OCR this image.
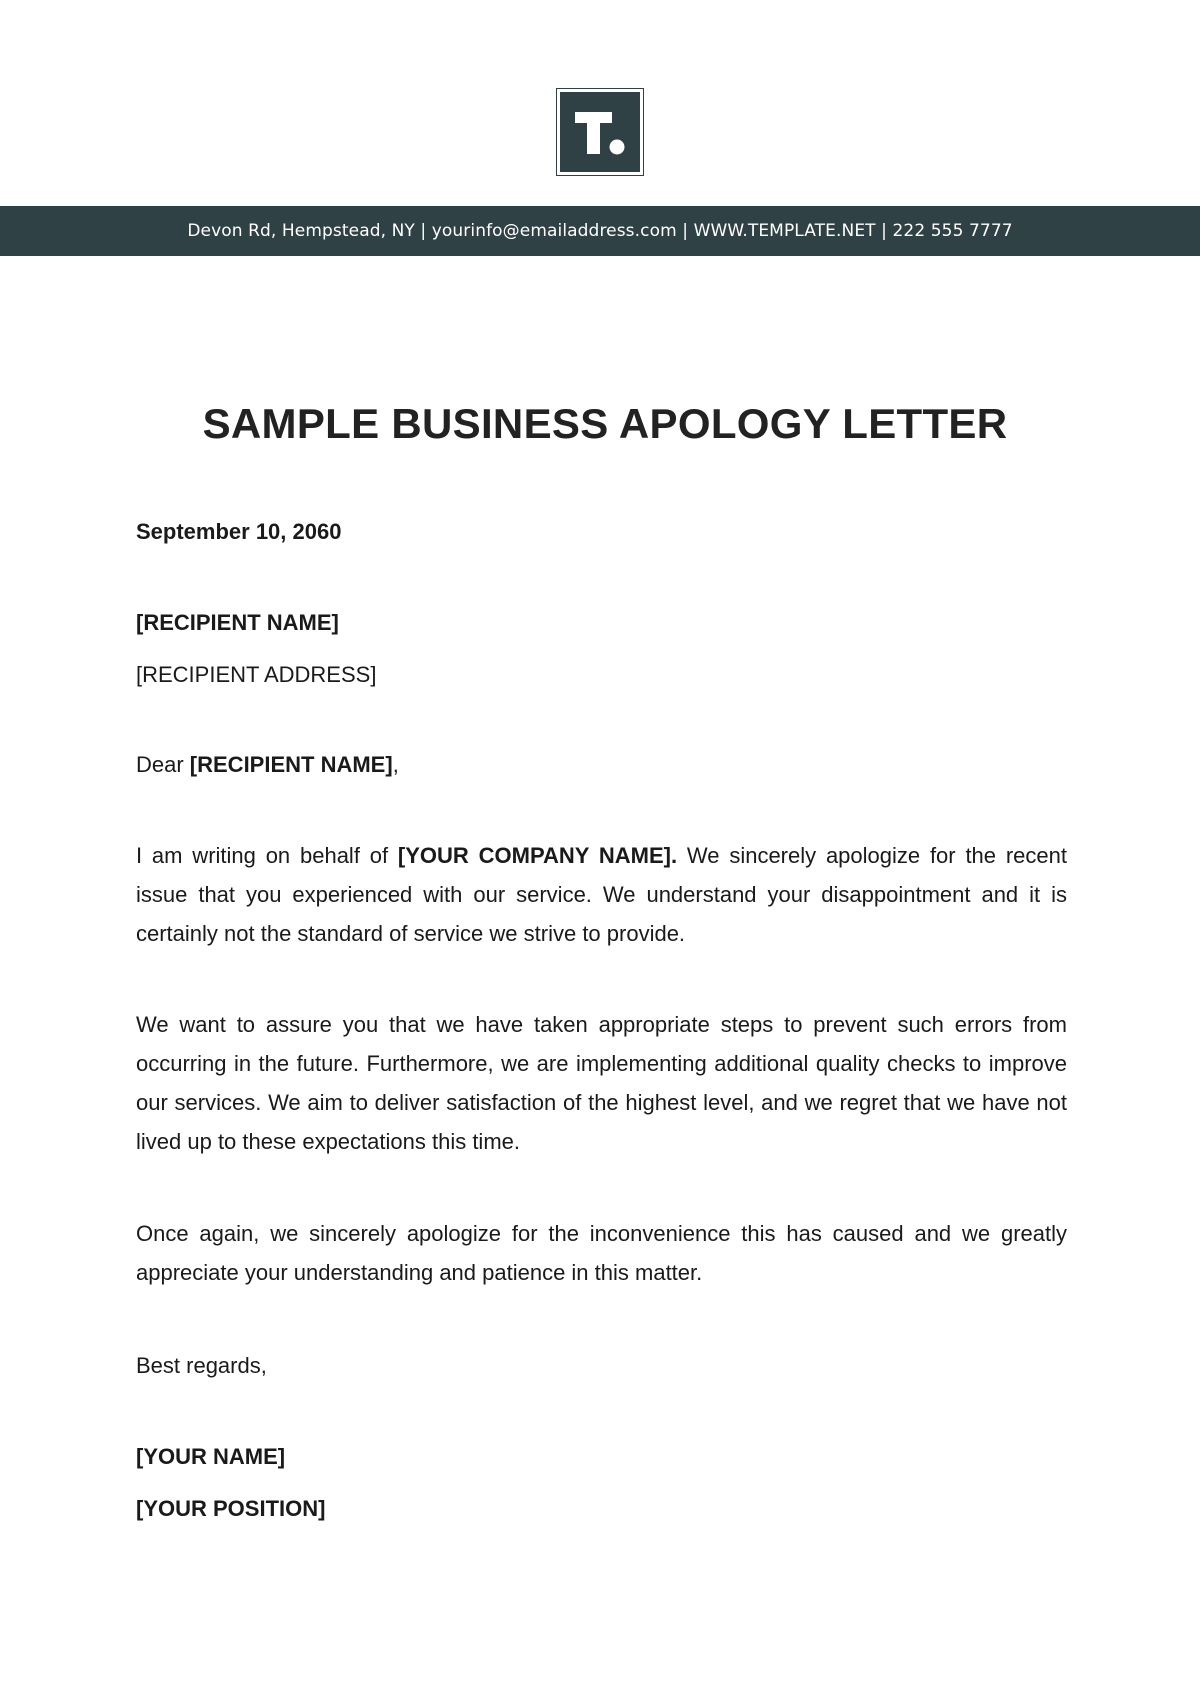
Devon Rd, Hempstead, NY | yourinfo@emailaddress.com | WWW.TEMPLATE.NET | 222 555 7777
SAMPLE BUSINESS APOLOGY LETTER
September 10, 2060
[RECIPIENT NAME]
[RECIPIENT ADDRESS]
Dear [RECIPIENT NAME],
I am writing on behalf of [YOUR COMPANY NAME]. We sincerely apologize for the recent issue that you experienced with our service. We understand your disappointment and it is certainly not the standard of service we strive to provide.
We want to assure you that we have taken appropriate steps to prevent such errors from occurring in the future. Furthermore, we are implementing additional quality checks to improve our services. We aim to deliver satisfaction of the highest level, and we regret that we have not lived up to these expectations this time.
Once again, we sincerely apologize for the inconvenience this has caused and we greatly appreciate your understanding and patience in this matter.
Best regards,
[YOUR NAME]
[YOUR POSITION]
